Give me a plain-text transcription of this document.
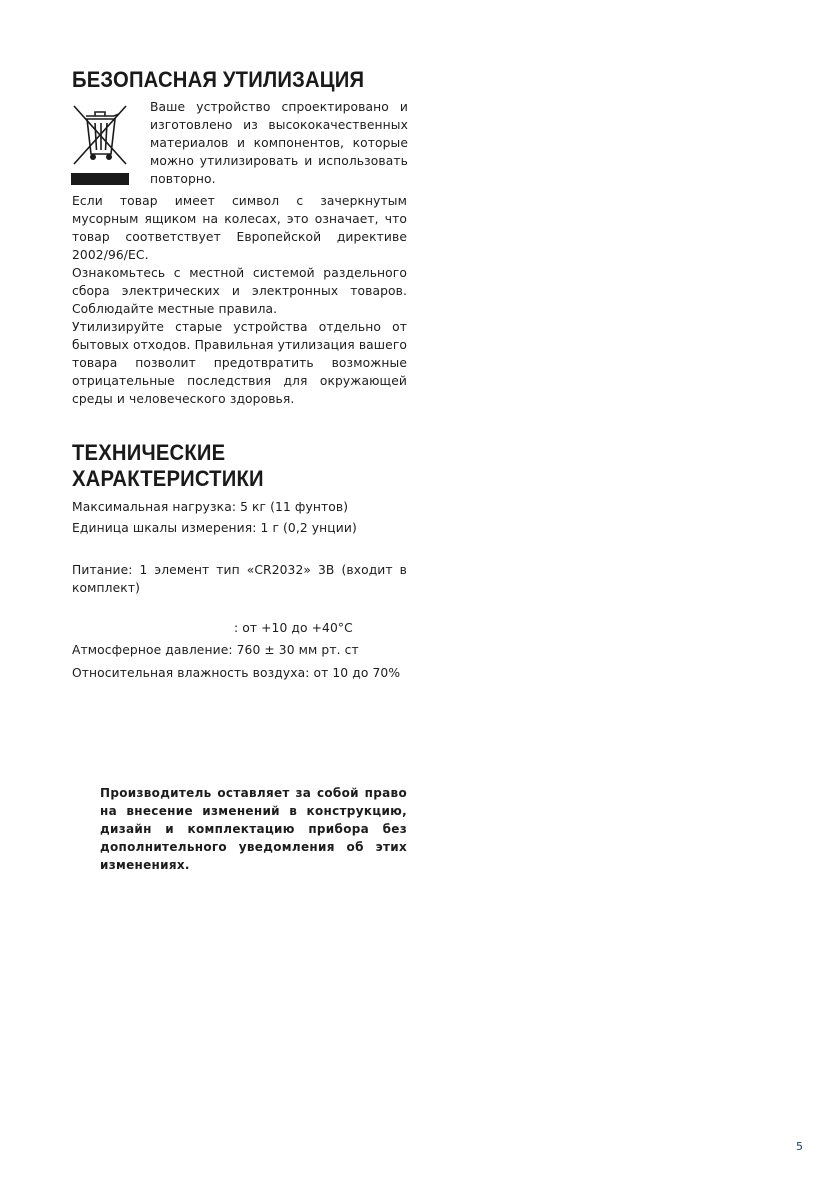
БЕЗОПАСНАЯ УТИЛИЗАЦИЯ

Ваше устройство спроектировано и изготовлено из высококачественных материалов и компонентов, которые можно утилизировать и использовать повторно.

Если товар имеет символ с зачеркнутым мусорным ящиком на колесах, это означает, что товар соответствует Европейской директиве 2002/96/EC.

Ознакомьтесь с местной системой раздельного сбора электрических и электронных товаров. Соблюдайте местные правила.

Утилизируйте старые устройства отдельно от бытовых отходов. Правильная утилизация вашего товара позволит предотвратить возможные отрицательные последствия для окружающей среды и человеческого здоровья.

ТЕХНИЧЕСКИЕ
ХАРАКТЕРИСТИКИ

Максимальная нагрузка: 5 кг (11 фунтов)

Единица шкалы измерения: 1 г (0,2 унции)

Питание: 1 элемент тип «CR2032» 3В (входит в комплект)

: от +10 до +40°С

Атмосферное давление: 760 ± 30 мм рт. ст

Относительная влажность воздуха: от 10 до 70%

Производитель оставляет за собой право на внесение изменений в конструкцию, дизайн и комплектацию прибора без дополнительного уведомления об этих изменениях.

5
